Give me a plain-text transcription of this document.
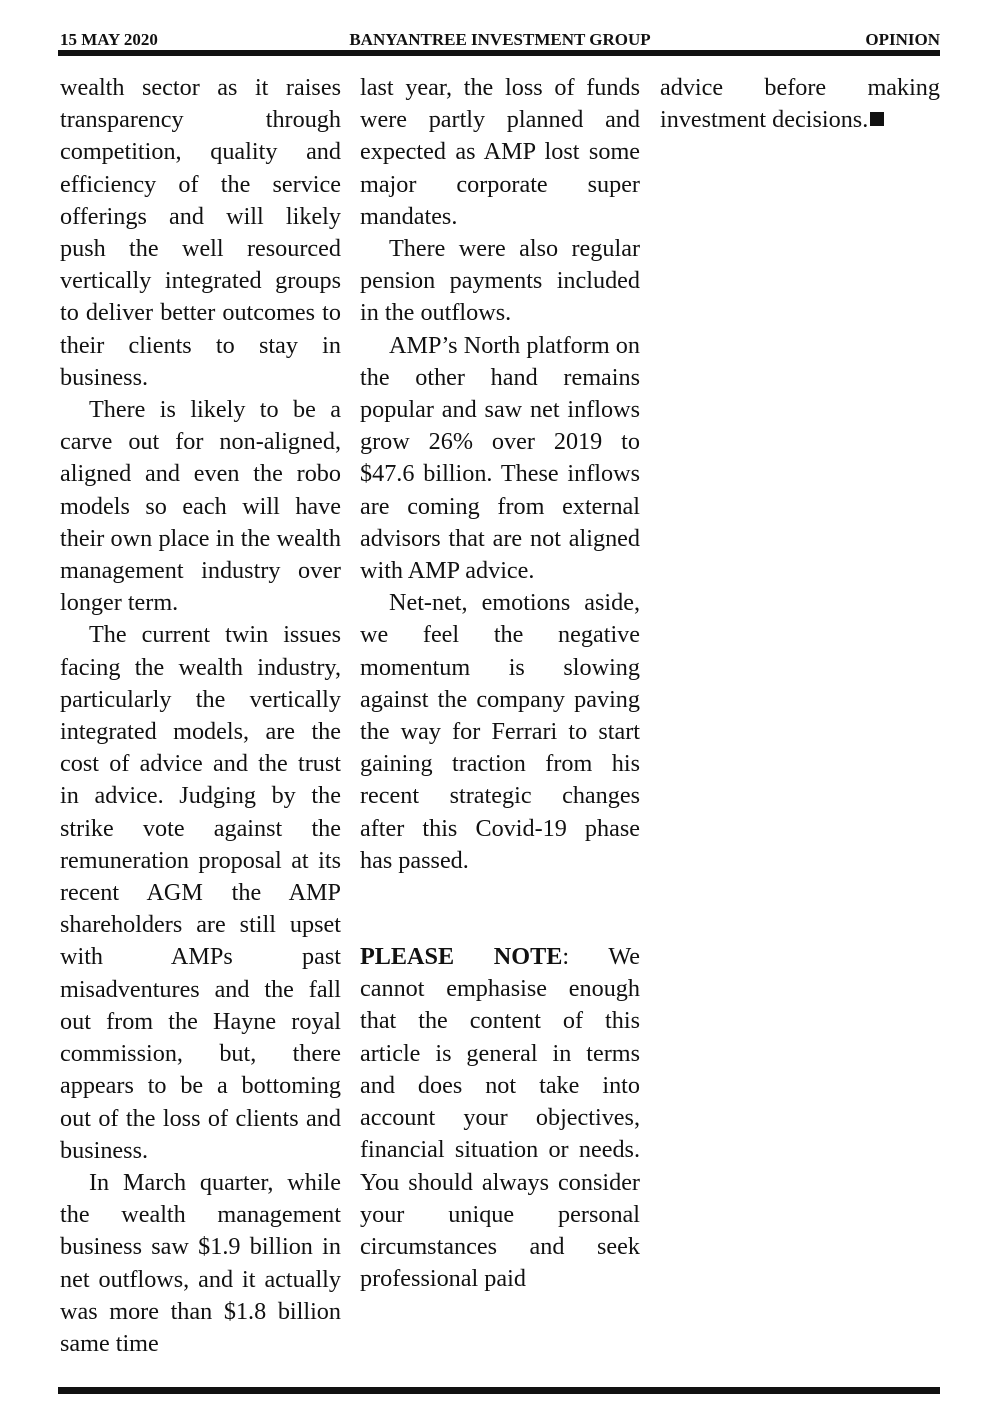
15 MAY 2020	BANYANTREE INVESTMENT GROUP	OPINION

wealth sector as it raises transparency through competition, quality and efficiency of the service offerings and will likely push the well resourced vertically integrated groups to deliver better outcomes to their clients to stay in business.

There is likely to be a carve out for non-aligned, aligned and even the robo models so each will have their own place in the wealth management industry over longer term.

The current twin issues facing the wealth industry, particularly the vertically integrated models, are the cost of advice and the trust in advice. Judging by the strike vote against the remuneration proposal at its recent AGM the AMP shareholders are still upset with AMPs past misadventures and the fall out from the Hayne royal commission, but, there appears to be a bottoming out of the loss of clients and business.

In March quarter, while the wealth management business saw $1.9 billion in net outflows, and it actually was more than $1.8 billion same time

last year, the loss of funds were partly planned and expected as AMP lost some major corporate super mandates.

There were also regular pension payments included in the outflows.

AMP’s North platform on the other hand remains popular and saw net inflows grow 26% over 2019 to $47.6 billion. These inflows are coming from external advisors that are not aligned with AMP advice.

Net-net, emotions aside, we feel the negative momentum is slowing against the company paving the way for Ferrari to start gaining traction from his recent strategic changes after this Covid-19 phase has passed.

PLEASE NOTE: We cannot emphasise enough that the content of this article is general in terms and does not take into account your objectives, financial situation or needs. You should always consider your unique personal circumstances and seek professional paid

advice before making investment decisions.
